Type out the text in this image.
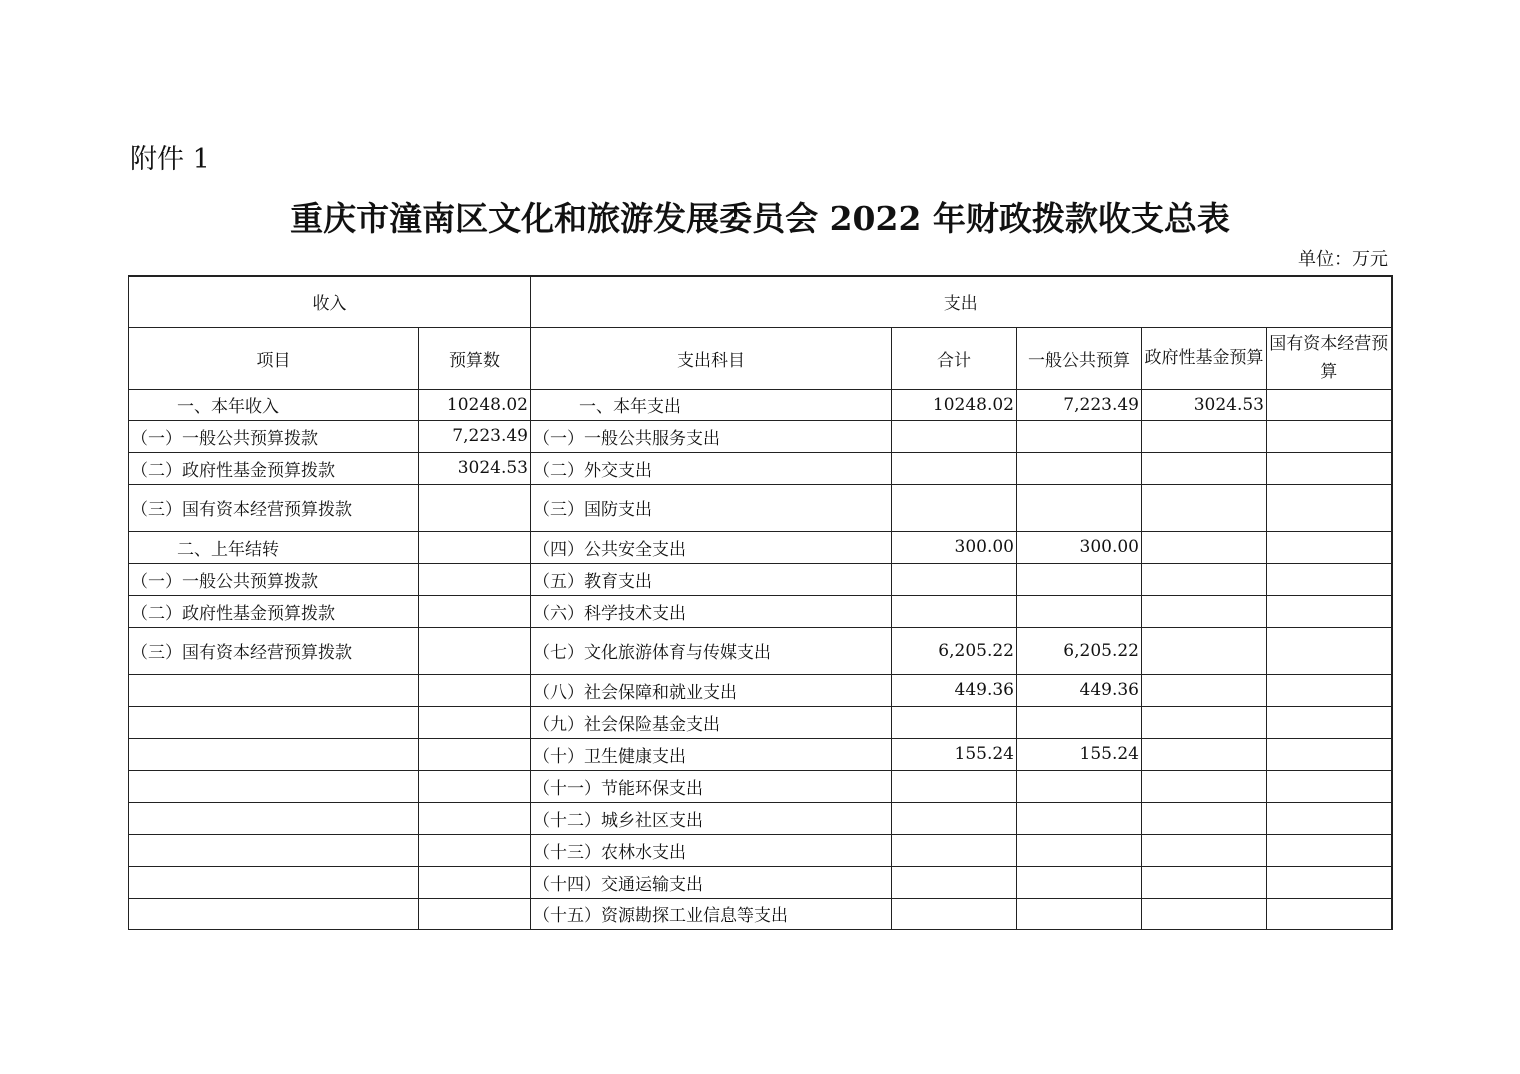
附件 1
重庆市潼南区文化和旅游发展委员会 2022 年财政拨款收支总表
单位：万元
收入		支出				
项目	预算数	支出科目	合计	一般公共预算	政府性基金预算	国有资本经营预算
一、本年收入	10248.02	一、本年支出	10248.02	7,223.49	3024.53	
（一）一般公共预算拨款	7,223.49	（一）一般公共服务支出				
（二）政府性基金预算拨款	3024.53	（二）外交支出				
（三）国有资本经营预算拨款		（三）国防支出				
二、上年结转		（四）公共安全支出	300.00	300.00		
（一）一般公共预算拨款		（五）教育支出				
（二）政府性基金预算拨款		（六）科学技术支出				
（三）国有资本经营预算拨款		（七）文化旅游体育与传媒支出	6,205.22	6,205.22		
		（八）社会保障和就业支出	449.36	449.36		
		（九）社会保险基金支出				
		（十）卫生健康支出	155.24	155.24		
		（十一）节能环保支出				
		（十二）城乡社区支出				
		（十三）农林水支出				
		（十四）交通运输支出				
		（十五）资源勘探工业信息等支出				
